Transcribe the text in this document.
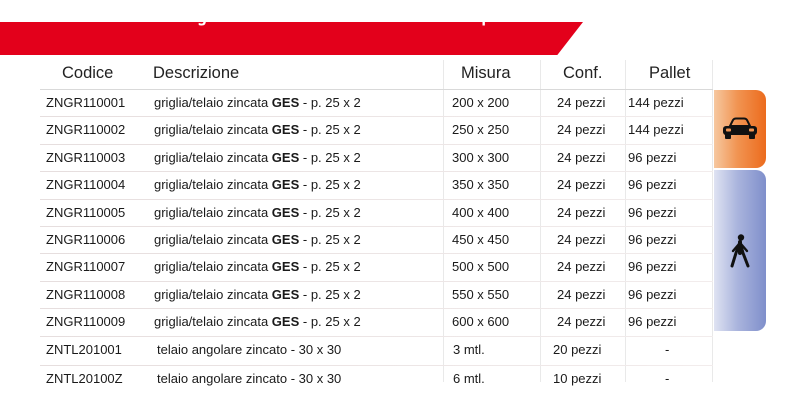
Griglie zincate con telaio - quadrate
Codice Descrizione	Misura	Conf.	Pallet
ZNGR110001 griglia/telaio zincata GES - p. 25 x 2	200 x 200	24 pezzi 144 pezzi
ZNGR110002 griglia/telaio zincata GES - p. 25 x 2	250 x 250	24 pezzi 144 pezzi
ZNGR110003 griglia/telaio zincata GES - p. 25 x 2	300 x 300	24 pezzi 96 pezzi
ZNGR110004 griglia/telaio zincata GES - p. 25 x 2	350 x 350	24 pezzi 96 pezzi
ZNGR110005 griglia/telaio zincata GES - p. 25 x 2	400 x 400	24 pezzi 96 pezzi
ZNGR110006 griglia/telaio zincata GES - p. 25 x 2	450 x 450	24 pezzi 96 pezzi
ZNGR110007 griglia/telaio zincata GES - p. 25 x 2	500 x 500	24 pezzi 96 pezzi
ZNGR110008 griglia/telaio zincata GES - p. 25 x 2	550 x 550	24 pezzi 96 pezzi
ZNGR110009 griglia/telaio zincata GES - p. 25 x 2	600 x 600	24 pezzi 96 pezzi
ZNTL201001	telaio angolare zincato - 30 x 30	3 mtl.	20 pezzi	-
ZNTL20100Z	telaio angolare zincato - 30 x 30	6 mtl.	10 pezzi	-
